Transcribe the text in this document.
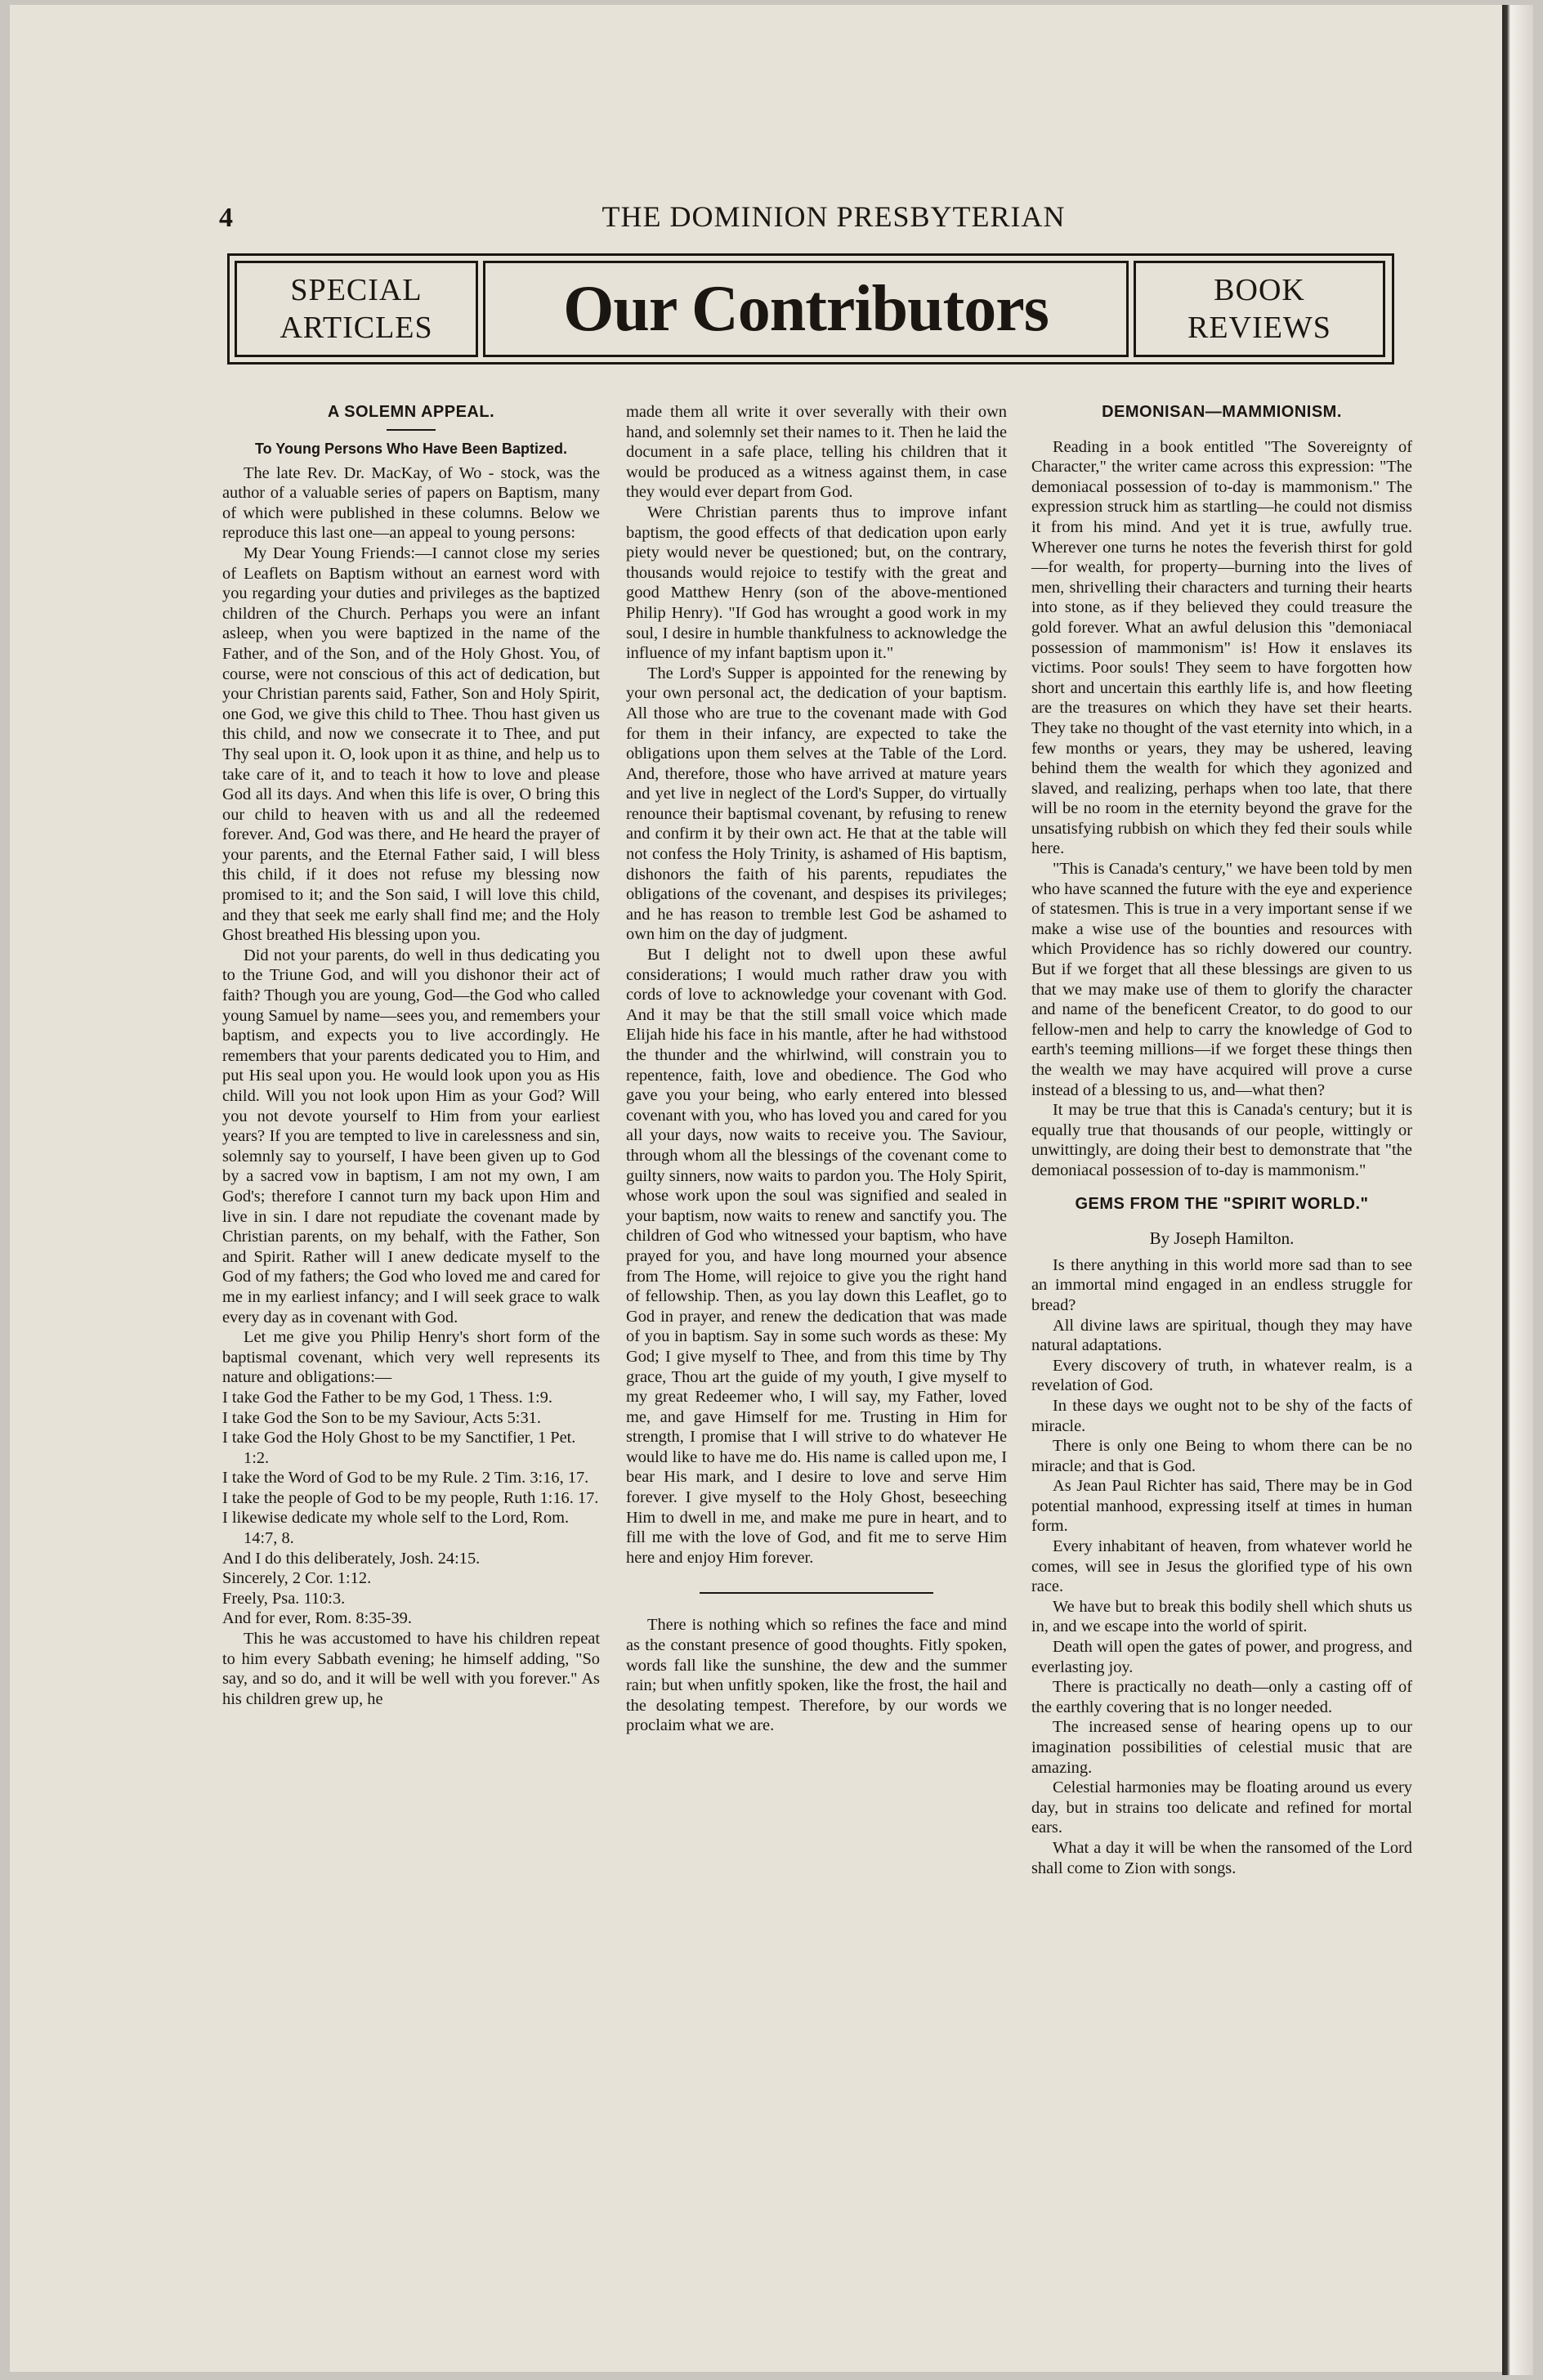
4	THE DOMINION PRESBYTERIAN
SPECIAL
ARTICLES	Our Contributors	BOOK
REVIEWS
A SOLEMN APPEAL.
To Young Persons Who Have Been Baptized.

The late Rev. Dr. MacKay, of Wo - stock, was the author of a valuable series of papers on Baptism, many of which were published in these columns. Below we reproduce this last one—an appeal to young persons:

My Dear Young Friends:—I cannot close my series of Leaflets on Baptism without an earnest word with you regarding your duties and privileges as the baptized children of the Church. Perhaps you were an infant asleep, when you were baptized in the name of the Father, and of the Son, and of the Holy Ghost. You, of course, were not conscious of this act of dedication, but your Christian parents said, Father, Son and Holy Spirit, one God, we give this child to Thee. Thou hast given us this child, and now we consecrate it to Thee, and put Thy seal upon it. O, look upon it as thine, and help us to take care of it, and to teach it how to love and please God all its days. And when this life is over, O bring this our child to heaven with us and all the redeemed forever. And, God was there, and He heard the prayer of your parents, and the Eternal Father said, I will bless this child, if it does not refuse my blessing now promised to it; and the Son said, I will love this child, and they that seek me early shall find me; and the Holy Ghost breathed His blessing upon you.

Did not your parents, do well in thus dedicating you to the Triune God, and will you dishonor their act of faith? Though you are young, God—the God who called young Samuel by name—sees you, and remembers your baptism, and expects you to live accordingly. He remembers that your parents dedicated you to Him, and put His seal upon you. He would look upon you as His child. Will you not look upon Him as your God? Will you not devote yourself to Him from your earliest years? If you are tempted to live in carelessness and sin, solemnly say to yourself, I have been given up to God by a sacred vow in baptism, I am not my own, I am God's; therefore I cannot turn my back upon Him and live in sin. I dare not repudiate the covenant made by Christian parents, on my behalf, with the Father, Son and Spirit. Rather will I anew dedicate myself to the God of my fathers; the God who loved me and cared for me in my earliest infancy; and I will seek grace to walk every day as in covenant with God.

Let me give you Philip Henry's short form of the baptismal covenant, which very well represents its nature and obligations:—

I take God the Father to be my God, 1 Thess. 1:9.
I take God the Son to be my Saviour, Acts 5:31.
I take God the Holy Ghost to be my Sanctifier, 1 Pet. 1:2.
I take the Word of God to be my Rule. 2 Tim. 3:16, 17.
I take the people of God to be my people, Ruth 1:16. 17.
I likewise dedicate my whole self to the Lord, Rom. 14:7, 8.
And I do this deliberately, Josh. 24:15.
Sincerely, 2 Cor. 1:12.
Freely, Psa. 110:3.
And for ever, Rom. 8:35-39.

This he was accustomed to have his children repeat to him every Sabbath evening; he himself adding, "So say, and so do, and it will be well with you forever." As his children grew up, he

made them all write it over severally with their own hand, and solemnly set their names to it. Then he laid the document in a safe place, telling his children that it would be produced as a witness against them, in case they would ever depart from God.

Were Christian parents thus to improve infant baptism, the good effects of that dedication upon early piety would never be questioned; but, on the contrary, thousands would rejoice to testify with the great and good Matthew Henry (son of the above-mentioned Philip Henry). "If God has wrought a good work in my soul, I desire in humble thankfulness to acknowledge the influence of my infant baptism upon it."

The Lord's Supper is appointed for the renewing by your own personal act, the dedication of your baptism. All those who are true to the covenant made with God for them in their infancy, are expected to take the obligations upon them selves at the Table of the Lord. And, therefore, those who have arrived at mature years and yet live in neglect of the Lord's Supper, do virtually renounce their baptismal covenant, by refusing to renew and confirm it by their own act. He that at the table will not confess the Holy Trinity, is ashamed of His baptism, dishonors the faith of his parents, repudiates the obligations of the covenant, and despises its privileges; and he has reason to tremble lest God be ashamed to own him on the day of judgment.

But I delight not to dwell upon these awful considerations; I would much rather draw you with cords of love to acknowledge your covenant with God. And it may be that the still small voice which made Elijah hide his face in his mantle, after he had withstood the thunder and the whirlwind, will constrain you to repentence, faith, love and obedience. The God who gave you your being, who early entered into blessed covenant with you, who has loved you and cared for you all your days, now waits to receive you. The Saviour, through whom all the blessings of the covenant come to guilty sinners, now waits to pardon you. The Holy Spirit, whose work upon the soul was signified and sealed in your baptism, now waits to renew and sanctify you. The children of God who witnessed your baptism, who have prayed for you, and have long mourned your absence from The Home, will rejoice to give you the right hand of fellowship. Then, as you lay down this Leaflet, go to God in prayer, and renew the dedication that was made of you in baptism. Say in some such words as these: My God; I give myself to Thee, and from this time by Thy grace, Thou art the guide of my youth, I give myself to my great Redeemer who, I will say, my Father, loved me, and gave Himself for me. Trusting in Him for strength, I promise that I will strive to do whatever He would like to have me do. His name is called upon me, I bear His mark, and I desire to love and serve Him forever. I give myself to the Holy Ghost, beseeching Him to dwell in me, and make me pure in heart, and to fill me with the love of God, and fit me to serve Him here and enjoy Him forever.

There is nothing which so refines the face and mind as the constant presence of good thoughts. Fitly spoken, words fall like the sunshine, the dew and the summer rain; but when unfitly spoken, like the frost, the hail and the desolating tempest. Therefore, by our words we proclaim what we are.

DEMONISAN—MAMMIONISM.

Reading in a book entitled "The Sovereignty of Character," the writer came across this expression: "The demoniacal possession of to-day is mammonism." The expression struck him as startling—he could not dismiss it from his mind. And yet it is true, awfully true. Wherever one turns he notes the feverish thirst for gold—for wealth, for property—burning into the lives of men, shrivelling their characters and turning their hearts into stone, as if they believed they could treasure the gold forever. What an awful delusion this "demoniacal possession of mammonism" is! How it enslaves its victims. Poor souls! They seem to have forgotten how short and uncertain this earthly life is, and how fleeting are the treasures on which they have set their hearts. They take no thought of the vast eternity into which, in a few months or years, they may be ushered, leaving behind them the wealth for which they agonized and slaved, and realizing, perhaps when too late, that there will be no room in the eternity beyond the grave for the unsatisfying rubbish on which they fed their souls while here.

"This is Canada's century," we have been told by men who have scanned the future with the eye and experience of statesmen. This is true in a very important sense if we make a wise use of the bounties and resources with which Providence has so richly dowered our country. But if we forget that all these blessings are given to us that we may make use of them to glorify the character and name of the beneficent Creator, to do good to our fellow-men and help to carry the knowledge of God to earth's teeming millions—if we forget these things then the wealth we may have acquired will prove a curse instead of a blessing to us, and—what then?

It may be true that this is Canada's century; but it is equally true that thousands of our people, wittingly or unwittingly, are doing their best to demonstrate that "the demoniacal possession of to-day is mammonism."

GEMS FROM THE "SPIRIT WORLD."
By Joseph Hamilton.

Is there anything in this world more sad than to see an immortal mind engaged in an endless struggle for bread?

All divine laws are spiritual, though they may have natural adaptations.

Every discovery of truth, in whatever realm, is a revelation of God.

In these days we ought not to be shy of the facts of miracle.

There is only one Being to whom there can be no miracle; and that is God.

As Jean Paul Richter has said, There may be in God potential manhood, expressing itself at times in human form.

Every inhabitant of heaven, from whatever world he comes, will see in Jesus the glorified type of his own race.

We have but to break this bodily shell which shuts us in, and we escape into the world of spirit.

Death will open the gates of power, and progress, and everlasting joy.

There is practically no death—only a casting off of the earthly covering that is no longer needed.

The increased sense of hearing opens up to our imagination possibilities of celestial music that are amazing.

Celestial harmonies may be floating around us every day, but in strains too delicate and refined for mortal ears.

What a day it will be when the ransomed of the Lord shall come to Zion with songs.
